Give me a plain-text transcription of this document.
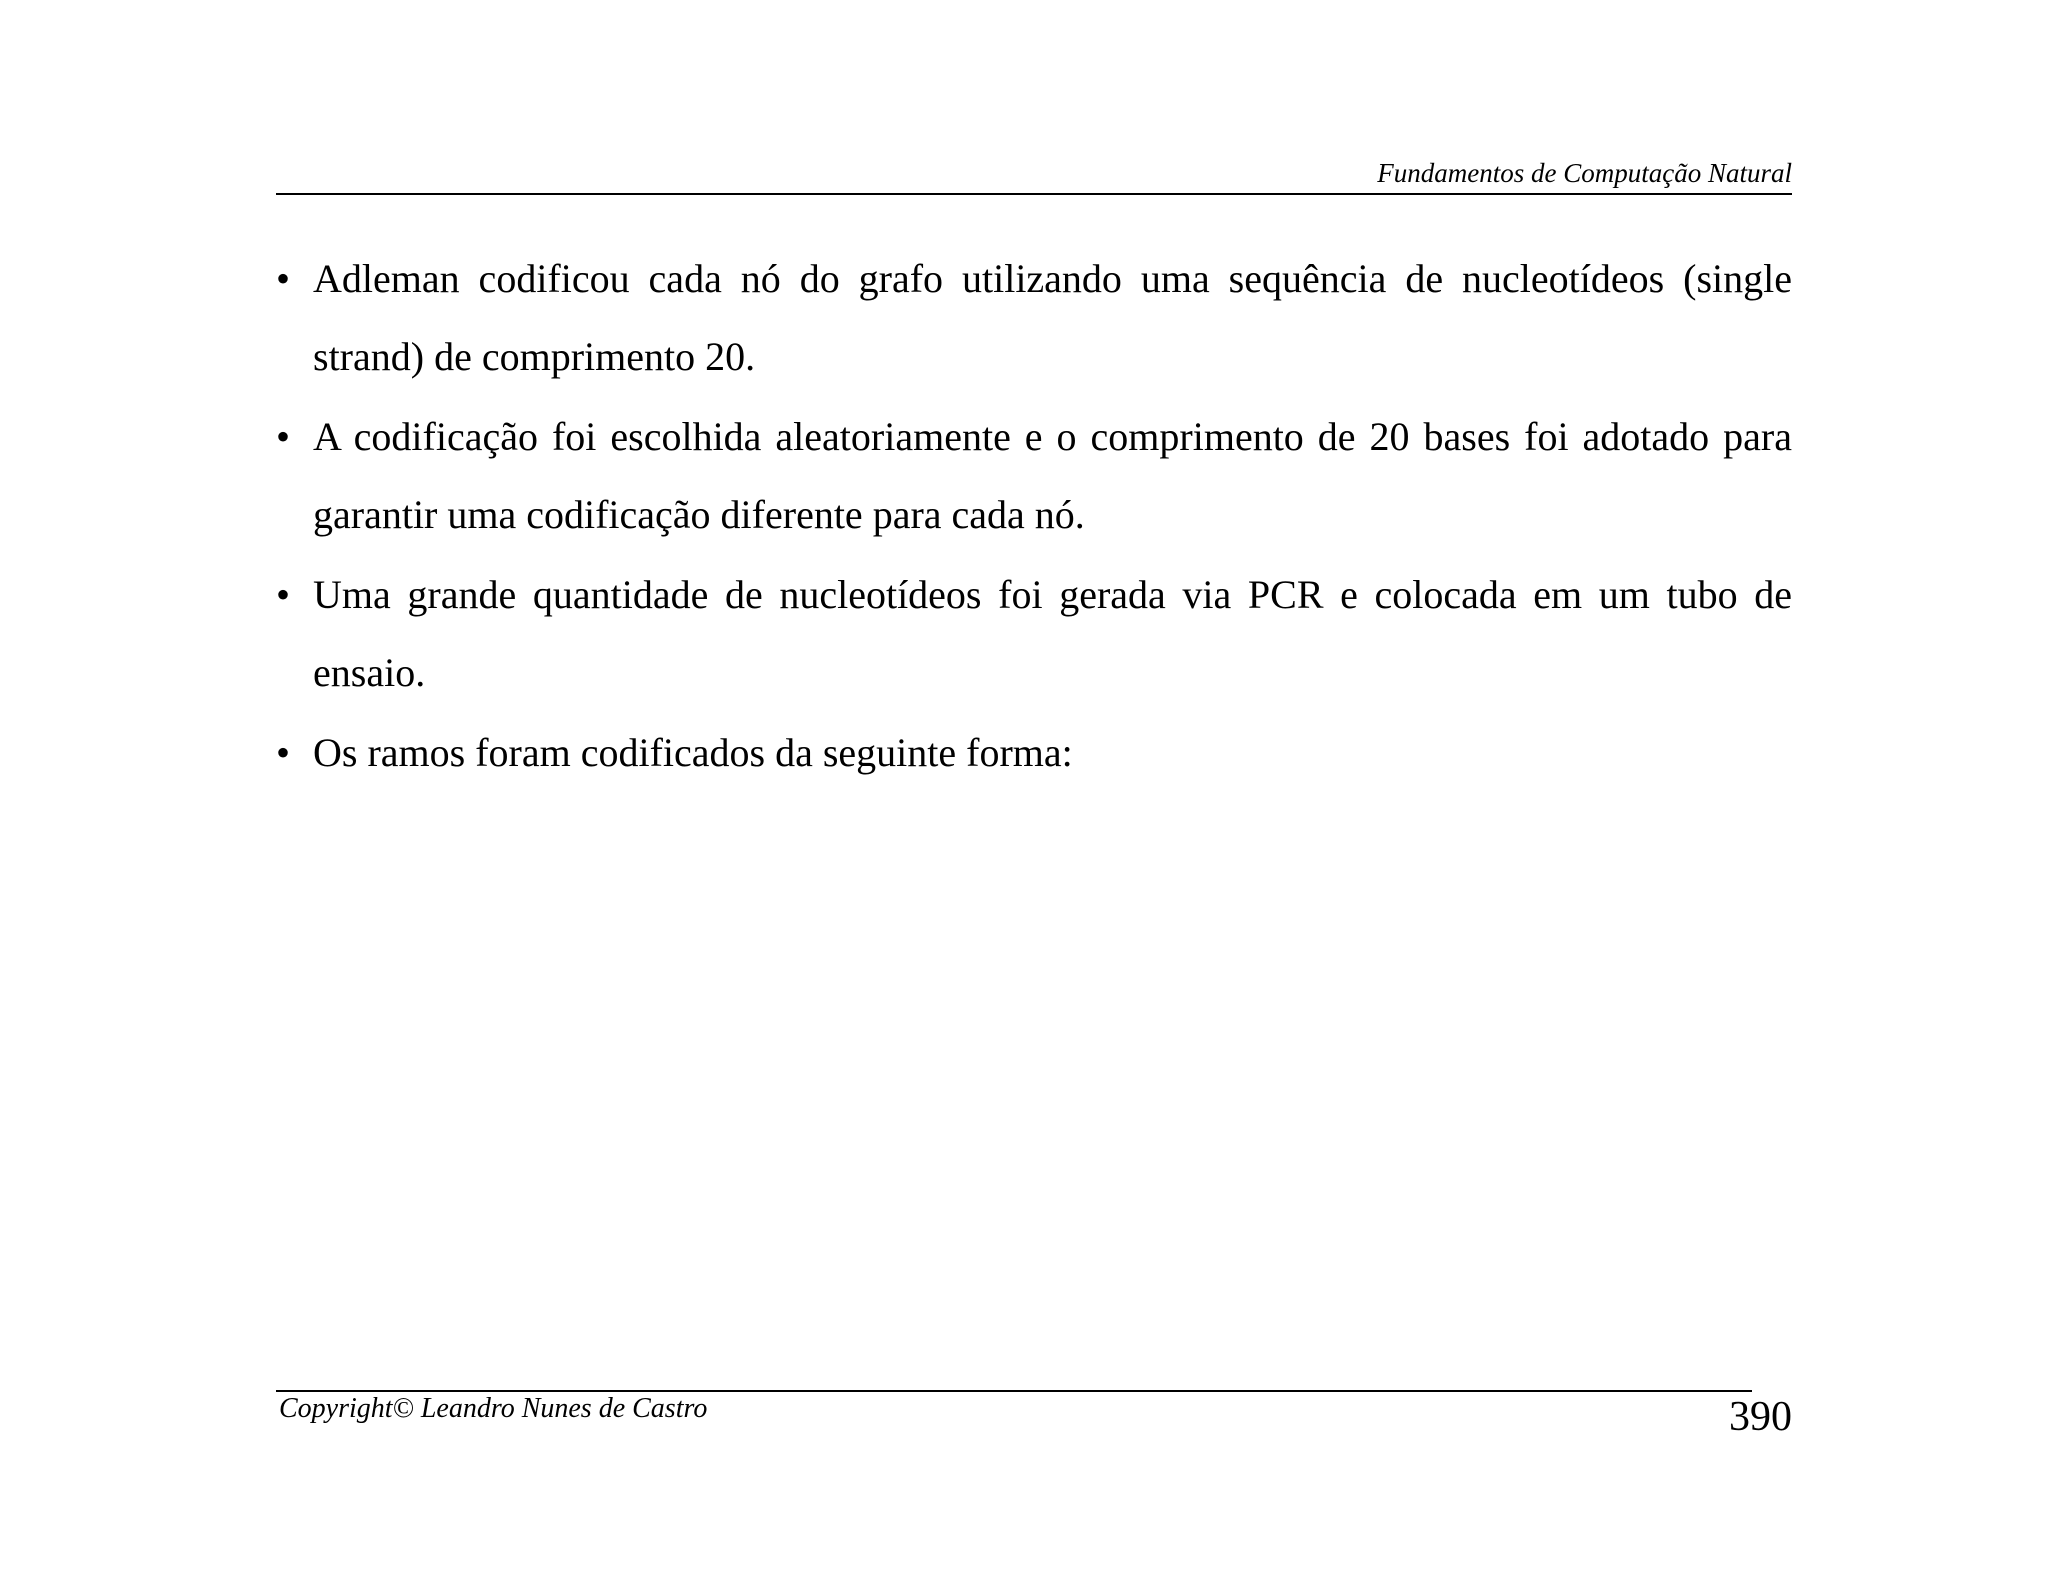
Fundamentos de Computação Natural
• Adleman codificou cada nó do grafo utilizando uma sequência de nucleotídeos (single strand) de comprimento 20.
• A codificação foi escolhida aleatoriamente e o comprimento de 20 bases foi adotado para garantir uma codificação diferente para cada nó.
• Uma grande quantidade de nucleotídeos foi gerada via PCR e colocada em um tubo de ensaio.
• Os ramos foram codificados da seguinte forma:
Copyright© Leandro Nunes de Castro	390
